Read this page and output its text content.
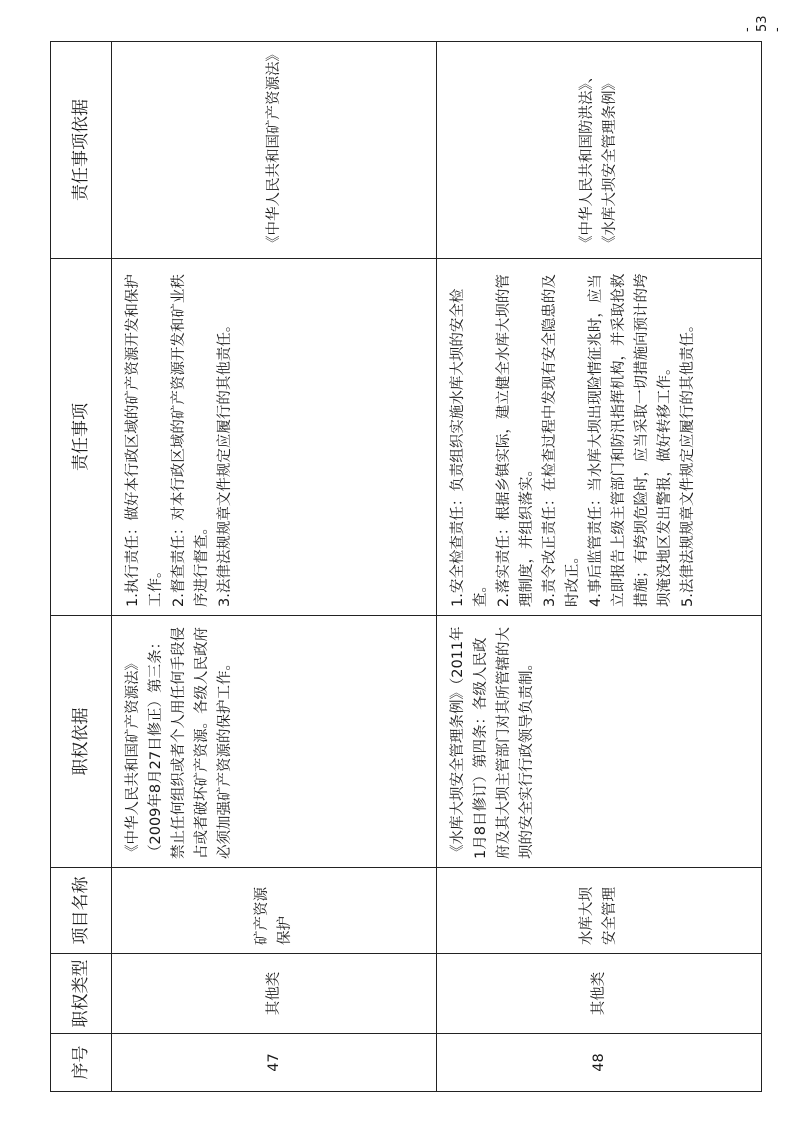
序号	职权类型	项目名称	职权依据	责任事项	责任事项依据
47	其他类	矿产资源保护	《中华人民共和国矿产资源法》（2009年8月27日修正）第三条：禁止任何组织或者个人用任何手段侵占或者破坏矿产资源。各级人民政府必须加强矿产资源的保护工作。	1.执行责任：做好本行政区域的矿产资源开发和保护工作。 2.督查责任：对本行政区域的矿产资源开发和矿业秩序进行督查。 3.法律法规规章文件规定应履行的其他责任。	《中华人民共和国矿产资源法》
48	其他类	水库大坝安全管理	《水库大坝安全管理条例》（2011年1月8日修订）第四条：各级人民政府及其大坝主管部门对其所管辖的大坝的安全实行行政领导负责制。	1.安全检查责任：负责组织实施水库大坝的安全检查。 2.落实责任：根据乡镇实际，建立健全水库大坝的管理制度，并组织落实。 3.责令改正责任：在检查过程中发现有安全隐患的及时改正。 4.事后监管责任：当水库大坝出现险情征兆时，应当立即报告上级主管部门和防汛指挥机构，并采取抢救措施；有垮坝危险时，应当采取一切措施向预计的垮坝淹没地区发出警报，做好转移工作。 5.法律法规规章文件规定应履行的其他责任。	《中华人民共和国防洪法》、《水库大坝安全管理条例》
- 53 -
